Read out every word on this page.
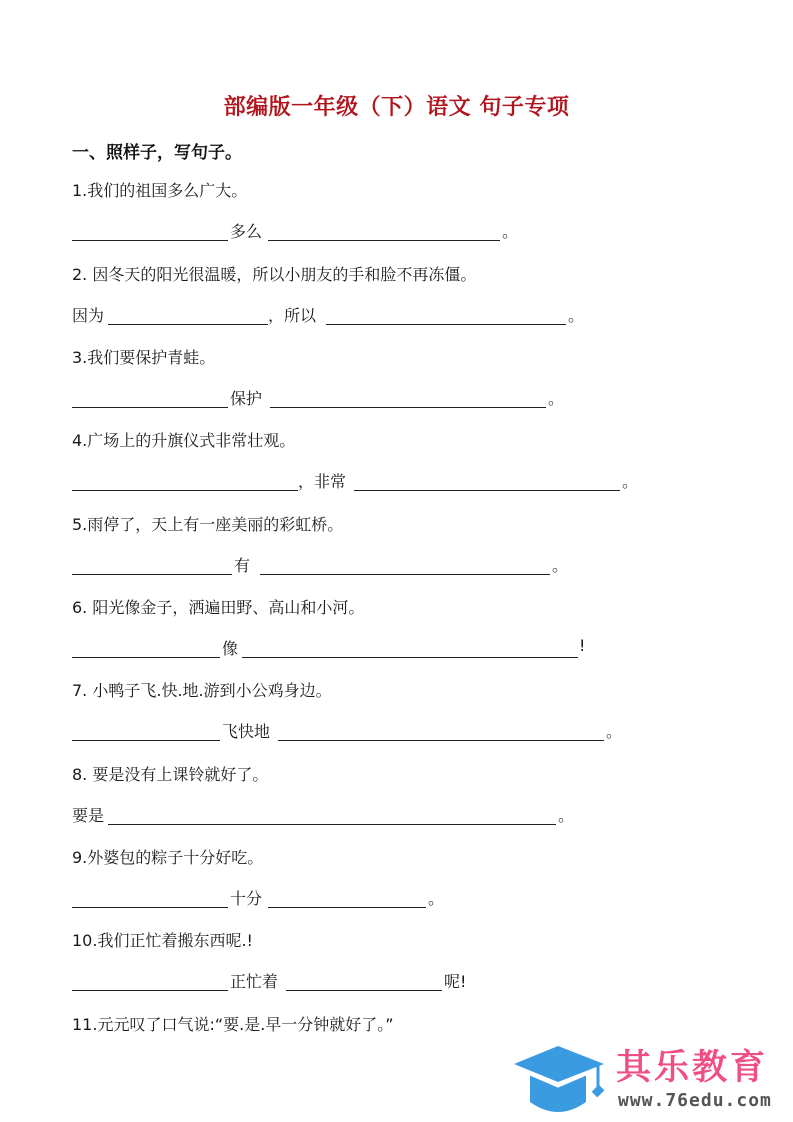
部编版一年级（下）语文 句子专项
一、照样子，写句子。
1.我们的祖国多么广大。
多么	。
2. 因冬天的阳光很温暖，所以小朋友的手和脸不再冻僵。
因为	，所以	。
3.我们要保护青蛙。
保护	。
4.广场上的升旗仪式非常壮观。
，非常	。
5.雨停了，天上有一座美丽的彩虹桥。
有	。
6. 阳光像金子，洒遍田野、高山和小河。
像	!
7. 小鸭子飞.快.地.游到小公鸡身边。
飞快地	。
8. 要是没有上课铃就好了。
要是	。
9.外婆包的粽子十分好吃。
十分	。
10.我们正忙着搬东西呢.!
正忙着	呢!
11.元元叹了口气说:“要.是.早一分钟就好了。”
其乐教育
www.76edu.com
